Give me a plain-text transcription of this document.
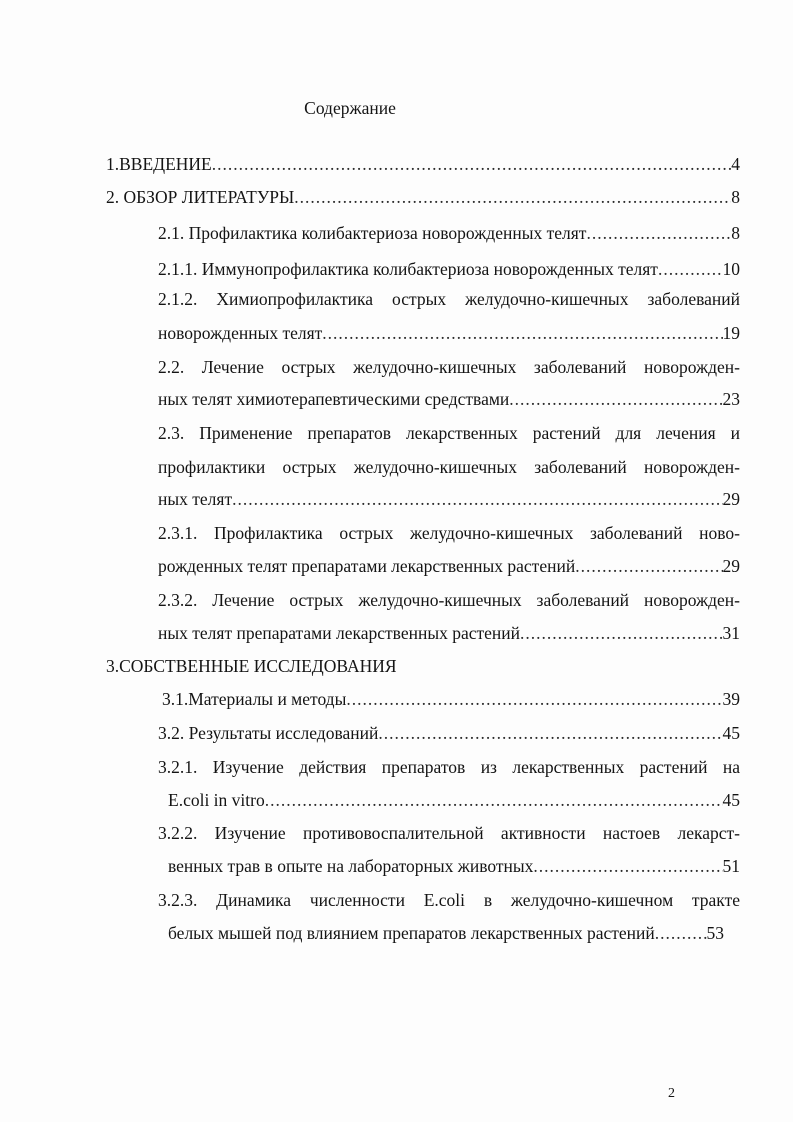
Содержание
1.ВВЕДЕНИЕ .....	4
2. ОБЗОР ЛИТЕРАТУРЫ .....	8
2.1. Профилактика колибактериоза новорожденных телят .....	8
2.1.1. Иммунопрофилактика колибактериоза новорожденных телят .....	10
2.1.2. Химиопрофилактика острых желудочно-кишечных заболеваний
новорожденных телят .....	19
2.2. Лечение острых желудочно-кишечных заболеваний новорожден-
ных телят химиотерапевтическими средствами .....	23
2.3. Применение препаратов лекарственных растений для лечения и
профилактики острых желудочно-кишечных заболеваний новорожден-
ных телят .....	29
2.3.1. Профилактика острых желудочно-кишечных заболеваний ново-
рожденных телят препаратами лекарственных растений .....	29
2.3.2. Лечение острых желудочно-кишечных заболеваний новорожден-
ных телят препаратами лекарственных растений .....	31
3.СОБСТВЕННЫЕ ИССЛЕДОВАНИЯ
3.1.Материалы и методы .....	39
3.2. Результаты исследований .....	45
3.2.1. Изучение действия препаратов из лекарственных растений на
E.coli in vitro .....	45
3.2.2. Изучение противовоспалительной активности настоев лекарст-
венных трав в опыте на лабораторных животных .....	51
3.2.3. Динамика численности E.coli в желудочно-кишечном тракте
белых мышей под влиянием препаратов лекарственных растений .....	53
2
